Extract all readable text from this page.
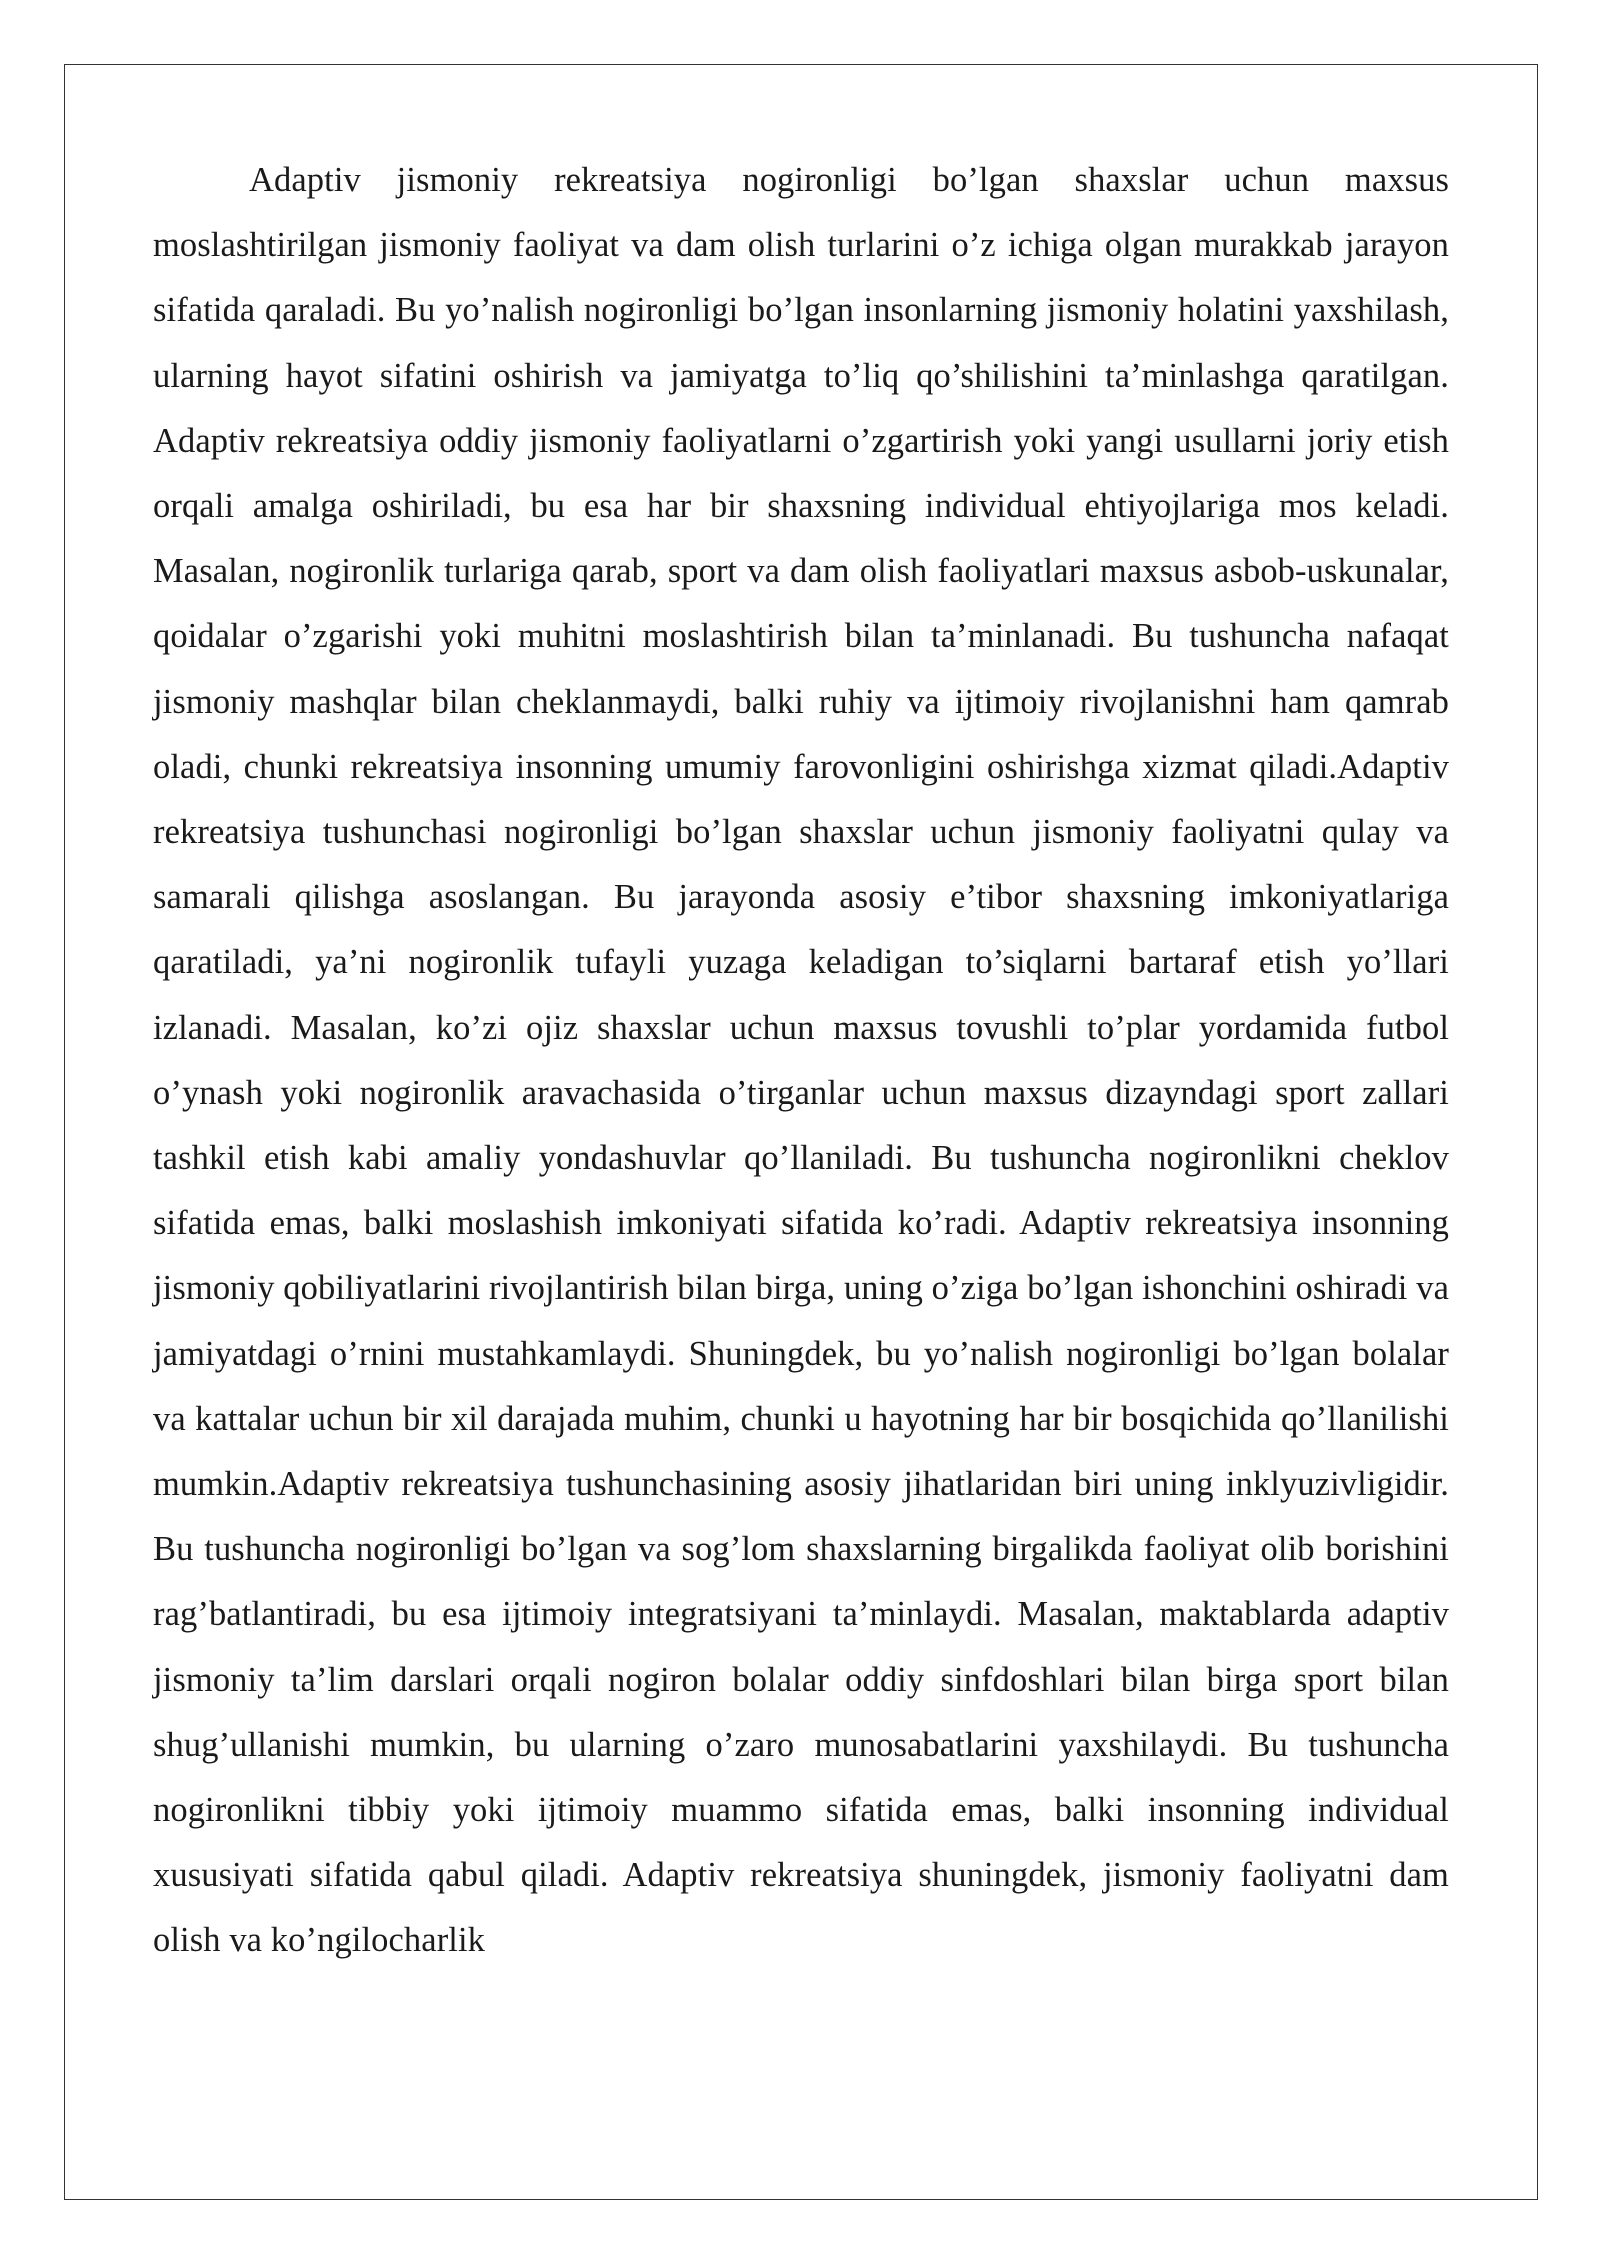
Adaptiv jismoniy rekreatsiya nogironligi bo’lgan shaxslar uchun maxsus moslashtirilgan jismoniy faoliyat va dam olish turlarini o’z ichiga olgan murakkab jarayon sifatida qaraladi. Bu yo’nalish nogironligi bo’lgan insonlarning jismoniy holatini yaxshilash, ularning hayot sifatini oshirish va jamiyatga to’liq qo’shilishini ta’minlashga qaratilgan. Adaptiv rekreatsiya oddiy jismoniy faoliyatlarni o’zgartirish yoki yangi usullarni joriy etish orqali amalga oshiriladi, bu esa har bir shaxsning individual ehtiyojlariga mos keladi. Masalan, nogironlik turlariga qarab, sport va dam olish faoliyatlari maxsus asbob-uskunalar, qoidalar o’zgarishi yoki muhitni moslashtirish bilan ta’minlanadi. Bu tushuncha nafaqat jismoniy mashqlar bilan cheklanmaydi, balki ruhiy va ijtimoiy rivojlanishni ham qamrab oladi, chunki rekreatsiya insonning umumiy farovonligini oshirishga xizmat qiladi.Adaptiv rekreatsiya tushunchasi nogironligi bo’lgan shaxslar uchun jismoniy faoliyatni qulay va samarali qilishga asoslangan. Bu jarayonda asosiy e’tibor shaxsning imkoniyatlariga qaratiladi, ya’ni nogironlik tufayli yuzaga keladigan to’siqlarni bartaraf etish yo’llari izlanadi. Masalan, ko’zi ojiz shaxslar uchun maxsus tovushli to’plar yordamida futbol o’ynash yoki nogironlik aravachasida o’tirganlar uchun maxsus dizayndagi sport zallari tashkil etish kabi amaliy yondashuvlar qo’llaniladi. Bu tushuncha nogironlikni cheklov sifatida emas, balki moslashish imkoniyati sifatida ko’radi. Adaptiv rekreatsiya insonning jismoniy qobiliyatlarini rivojlantirish bilan birga, uning o’ziga bo’lgan ishonchini oshiradi va jamiyatdagi o’rnini mustahkamlaydi. Shuningdek, bu yo’nalish nogironligi bo’lgan bolalar va kattalar uchun bir xil darajada muhim, chunki u hayotning har bir bosqichida qo’llanilishi mumkin.Adaptiv rekreatsiya tushunchasining asosiy jihatlaridan biri uning inklyuzivligidir. Bu tushuncha nogironligi bo’lgan va sog’lom shaxslarning birgalikda faoliyat olib borishini rag’batlantiradi, bu esa ijtimoiy integratsiyani ta’minlaydi. Masalan, maktablarda adaptiv jismoniy ta’lim darslari orqali nogiron bolalar oddiy sinfdoshlari bilan birga sport bilan shug’ullanishi mumkin, bu ularning o’zaro munosabatlarini yaxshilaydi. Bu tushuncha nogironlikni tibbiy yoki ijtimoiy muammo sifatida emas, balki insonning individual xususiyati sifatida qabul qiladi. Adaptiv rekreatsiya shuningdek, jismoniy faoliyatni dam olish va ko’ngilocharlik
